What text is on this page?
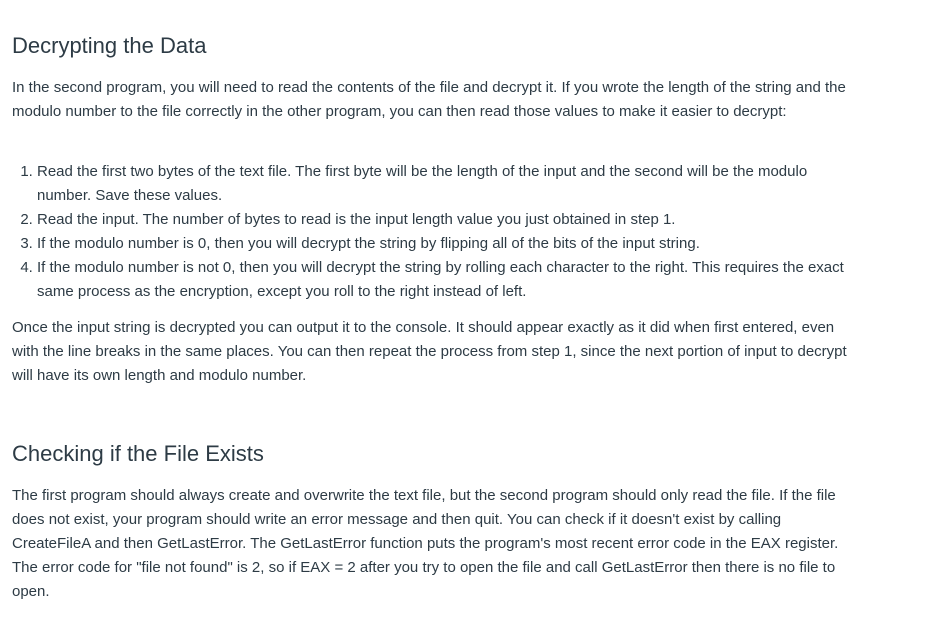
Decrypting the Data

In the second program, you will need to read the contents of the file and decrypt it. If you wrote the length of the string and the modulo number to the file correctly in the other program, you can then read those values to make it easier to decrypt:

1. Read the first two bytes of the text file. The first byte will be the length of the input and the second will be the modulo number. Save these values.
2. Read the input. The number of bytes to read is the input length value you just obtained in step 1.
3. If the modulo number is 0, then you will decrypt the string by flipping all of the bits of the input string.
4. If the modulo number is not 0, then you will decrypt the string by rolling each character to the right. This requires the exact same process as the encryption, except you roll to the right instead of left.

Once the input string is decrypted you can output it to the console. It should appear exactly as it did when first entered, even with the line breaks in the same places. You can then repeat the process from step 1, since the next portion of input to decrypt will have its own length and modulo number.

Checking if the File Exists

The first program should always create and overwrite the text file, but the second program should only read the file. If the file does not exist, your program should write an error message and then quit. You can check if it doesn't exist by calling CreateFileA and then GetLastError. The GetLastError function puts the program's most recent error code in the EAX register. The error code for "file not found" is 2, so if EAX = 2 after you try to open the file and call GetLastError then there is no file to open.
